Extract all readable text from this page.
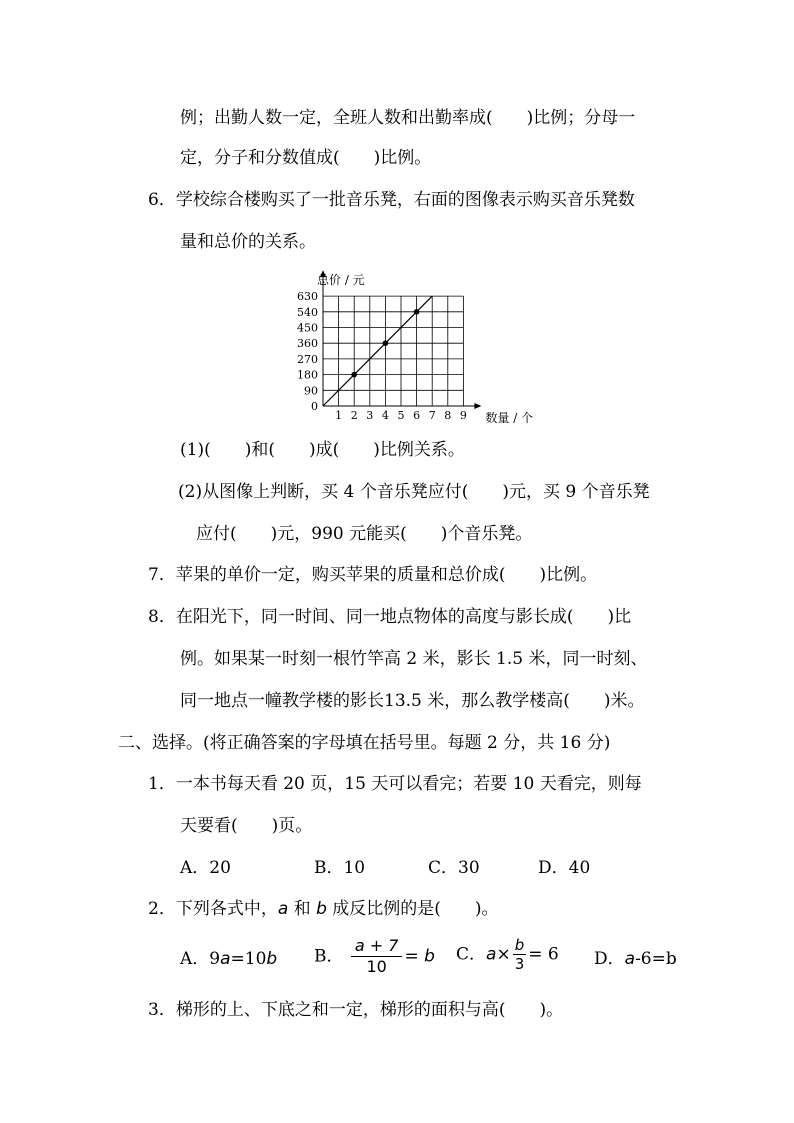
例；出勤人数一定，全班人数和出勤率成(　　)比例；分母一
定，分子和分数值成(　　)比例。
6．学校综合楼购买了一批音乐凳，右面的图像表示购买音乐凳数
量和总价的关系。
0
90
180
270
360
450
540
630
1 2 3 4 5 6 7 8 9
总价 / 元
数量 / 个
(1)(　　)和(　　)成(　　)比例关系。
(2)从图像上判断，买 4 个音乐凳应付(　　)元，买 9 个音乐凳
应付(　　)元，990 元能买(　　)个音乐凳。
7．苹果的单价一定，购买苹果的质量和总价成(　　)比例。
8．在阳光下，同一时间、同一地点物体的高度与影长成(　　)比
例。如果某一时刻一根竹竿高 2 米，影长 1.5 米，同一时刻、
同一地点一幢教学楼的影长13.5 米，那么教学楼高(　　)米。
二、选择。(将正确答案的字母填在括号里。每题 2 分，共 16 分)
1．一本书每天看 20 页，15 天可以看完；若要 10 天看完，则每
天要看(　　)页。
A．20	B．10	C．30	D．40
2．下列各式中，a 和 b 成反比例的是(　　)。
A．9a=10b B． $\frac{a + 7}{10} = b$ C．$a\times \frac{b}{3} = 6$ D．a-6=b
3．梯形的上、下底之和一定，梯形的面积与高(　　)。
